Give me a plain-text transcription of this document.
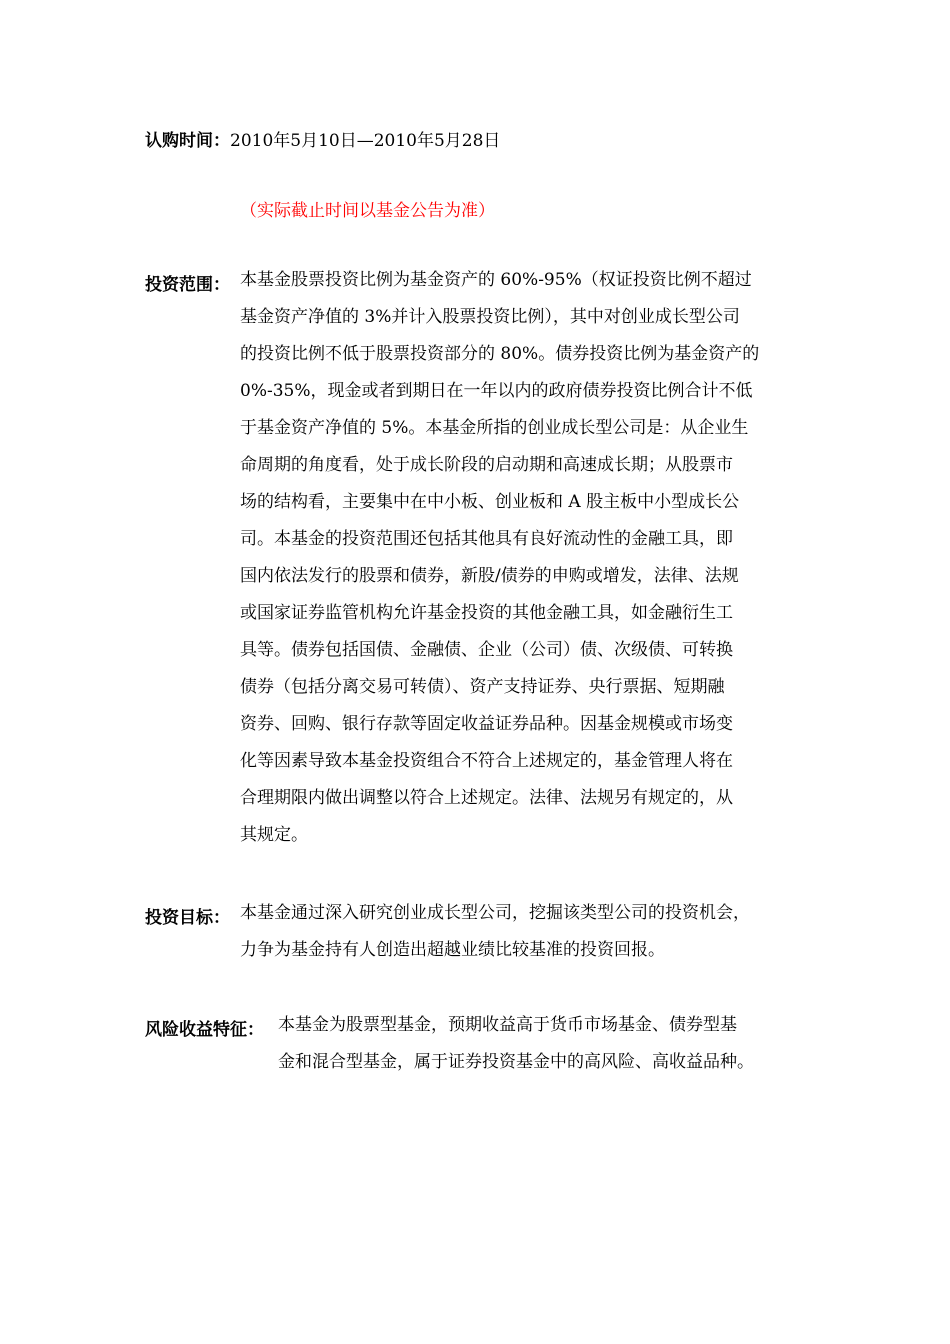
认购时间：2010年5月10日—2010年5月28日
（实际截止时间以基金公告为准）
投资范围： 本基金股票投资比例为基金资产的 60%-95%（权证投资比例不超过
基金资产净值的 3%并计入股票投资比例），其中对创业成长型公司
的投资比例不低于股票投资部分的 80%。债券投资比例为基金资产的
0%-35%，现金或者到期日在一年以内的政府债券投资比例合计不低
于基金资产净值的 5%。本基金所指的创业成长型公司是：从企业生
命周期的角度看，处于成长阶段的启动期和高速成长期；从股票市
场的结构看，主要集中在中小板、创业板和 A 股主板中小型成长公
司。本基金的投资范围还包括其他具有良好流动性的金融工具，即
国内依法发行的股票和债券，新股/债券的申购或增发，法律、法规
或国家证券监管机构允许基金投资的其他金融工具，如金融衍生工
具等。债券包括国债、金融债、企业（公司）债、次级债、可转换
债券（包括分离交易可转债）、资产支持证券、央行票据、短期融
资券、回购、银行存款等固定收益证券品种。因基金规模或市场变
化等因素导致本基金投资组合不符合上述规定的，基金管理人将在
合理期限内做出调整以符合上述规定。法律、法规另有规定的，从
其规定。
投资目标： 本基金通过深入研究创业成长型公司，挖掘该类型公司的投资机会，
力争为基金持有人创造出超越业绩比较基准的投资回报。
风险收益特征： 本基金为股票型基金，预期收益高于货币市场基金、债券型基
金和混合型基金，属于证券投资基金中的高风险、高收益品种。
